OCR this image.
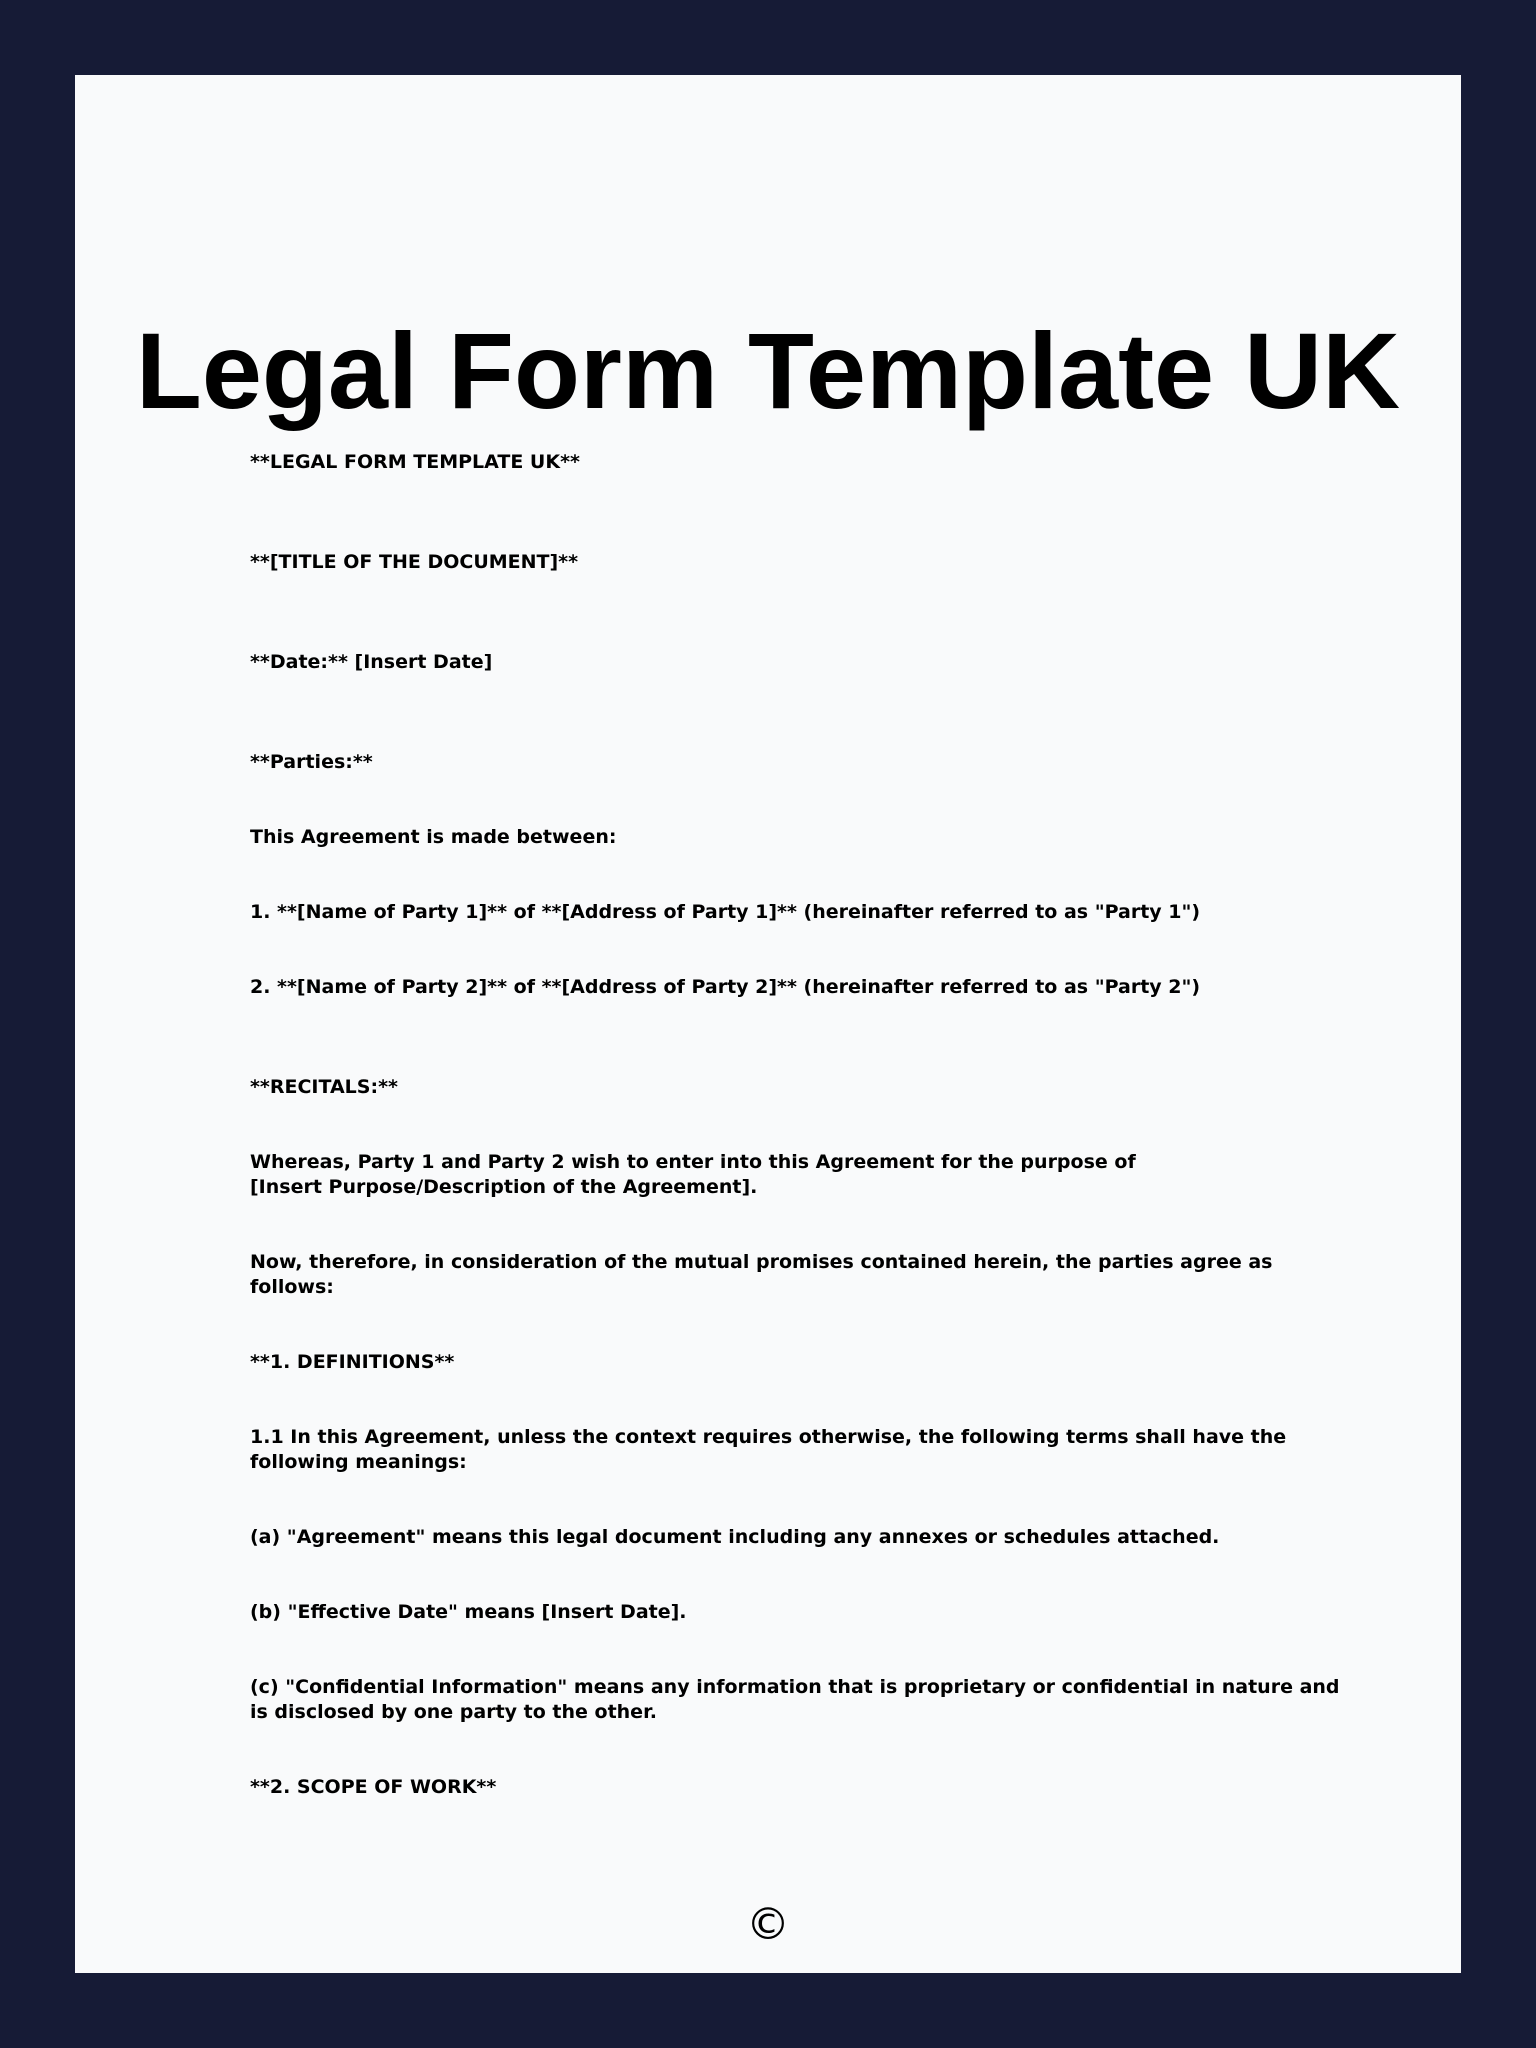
Legal Form Template UK

**LEGAL FORM TEMPLATE UK**

**[TITLE OF THE DOCUMENT]**

**Date:** [Insert Date]

**Parties:**

This Agreement is made between:

1. **[Name of Party 1]** of **[Address of Party 1]** (hereinafter referred to as "Party 1")

2. **[Name of Party 2]** of **[Address of Party 2]** (hereinafter referred to as "Party 2")

**RECITALS:**

Whereas, Party 1 and Party 2 wish to enter into this Agreement for the purpose of [Insert Purpose/Description of the Agreement].

Now, therefore, in consideration of the mutual promises contained herein, the parties agree as follows:

**1. DEFINITIONS**

1.1 In this Agreement, unless the context requires otherwise, the following terms shall have the following meanings:

(a) "Agreement" means this legal document including any annexes or schedules attached.

(b) "Effective Date" means [Insert Date].

(c) "Confidential Information" means any information that is proprietary or confidential in nature and is disclosed by one party to the other.

**2. SCOPE OF WORK**

©
